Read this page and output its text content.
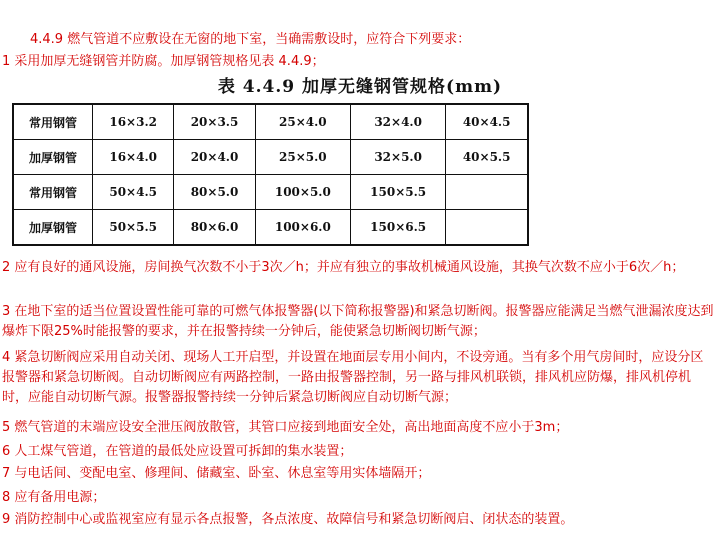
4.4.9 燃气管道不应敷设在无窗的地下室，当确需敷设时，应符合下列要求：
1 采用加厚无缝钢管并防腐。加厚钢管规格见表 4.4.9；
表 4.4.9 加厚无缝钢管规格(mm)
常用钢管	16×3.2	20×3.5	25×4.0	32×4.0	40×4.5
加厚钢管	16×4.0	20×4.0	25×5.0	32×5.0	40×5.5
常用钢管	50×4.5	80×5.0	100×5.0	150×5.5	
加厚钢管	50×5.5	80×6.0	100×6.0	150×6.5	
2 应有良好的通风设施，房间换气次数不小于3次／h；并应有独立的事故机械通风设施，其换气次数不应小于6次／h；
3 在地下室的适当位置设置性能可靠的可燃气体报警器(以下简称报警器)和紧急切断阀。报警器应能满足当燃气泄漏浓度达到爆炸下限25%时能报警的要求，并在报警持续一分钟后，能使紧急切断阀切断气源；
4 紧急切断阀应采用自动关闭、现场人工开启型，并设置在地面层专用小间内，不设旁通。当有多个用气房间时，应设分区报警器和紧急切断阀。自动切断阀应有两路控制，一路由报警器控制，另一路与排风机联锁，排风机应防爆，排风机停机时，应能自动切断气源。报警器报警持续一分钟后紧急切断阀应自动切断气源；
5 燃气管道的末端应设安全泄压阀放散管，其管口应接到地面安全处，高出地面高度不应小于3m；
6 人工煤气管道，在管道的最低处应设置可拆卸的集水装置；
7 与电话间、变配电室、修理间、储藏室、卧室、休息室等用实体墙隔开；
8 应有备用电源；
9 消防控制中心或监视室应有显示各点报警，各点浓度、故障信号和紧急切断阀启、闭状态的装置。
